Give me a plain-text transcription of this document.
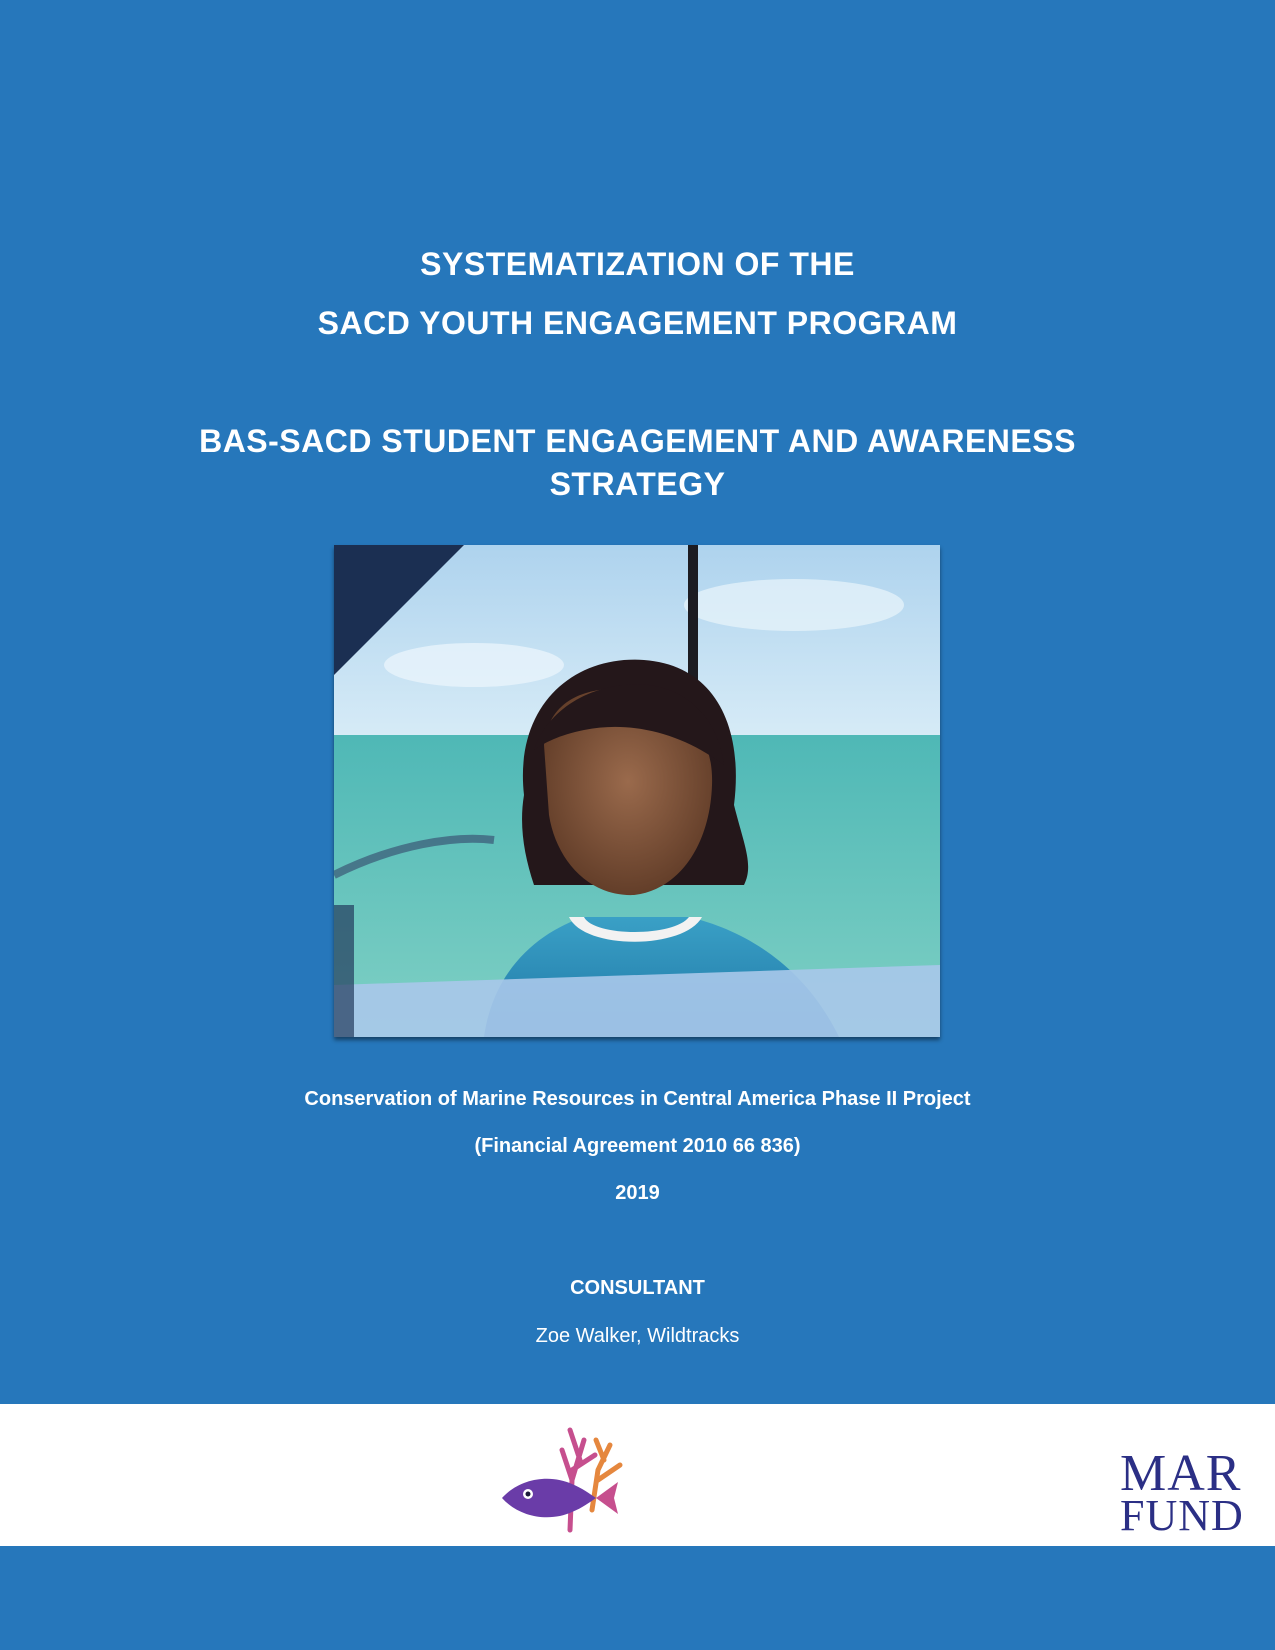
SYSTEMATIZATION OF THE
SACD YOUTH ENGAGEMENT PROGRAM
BAS-SACD STUDENT ENGAGEMENT AND AWARENESS
STRATEGY
Conservation of Marine Resources in Central America Phase II Project
(Financial Agreement 2010 66 836)
2019
CONSULTANT
Zoe Walker, Wildtracks
MAR
FUND
